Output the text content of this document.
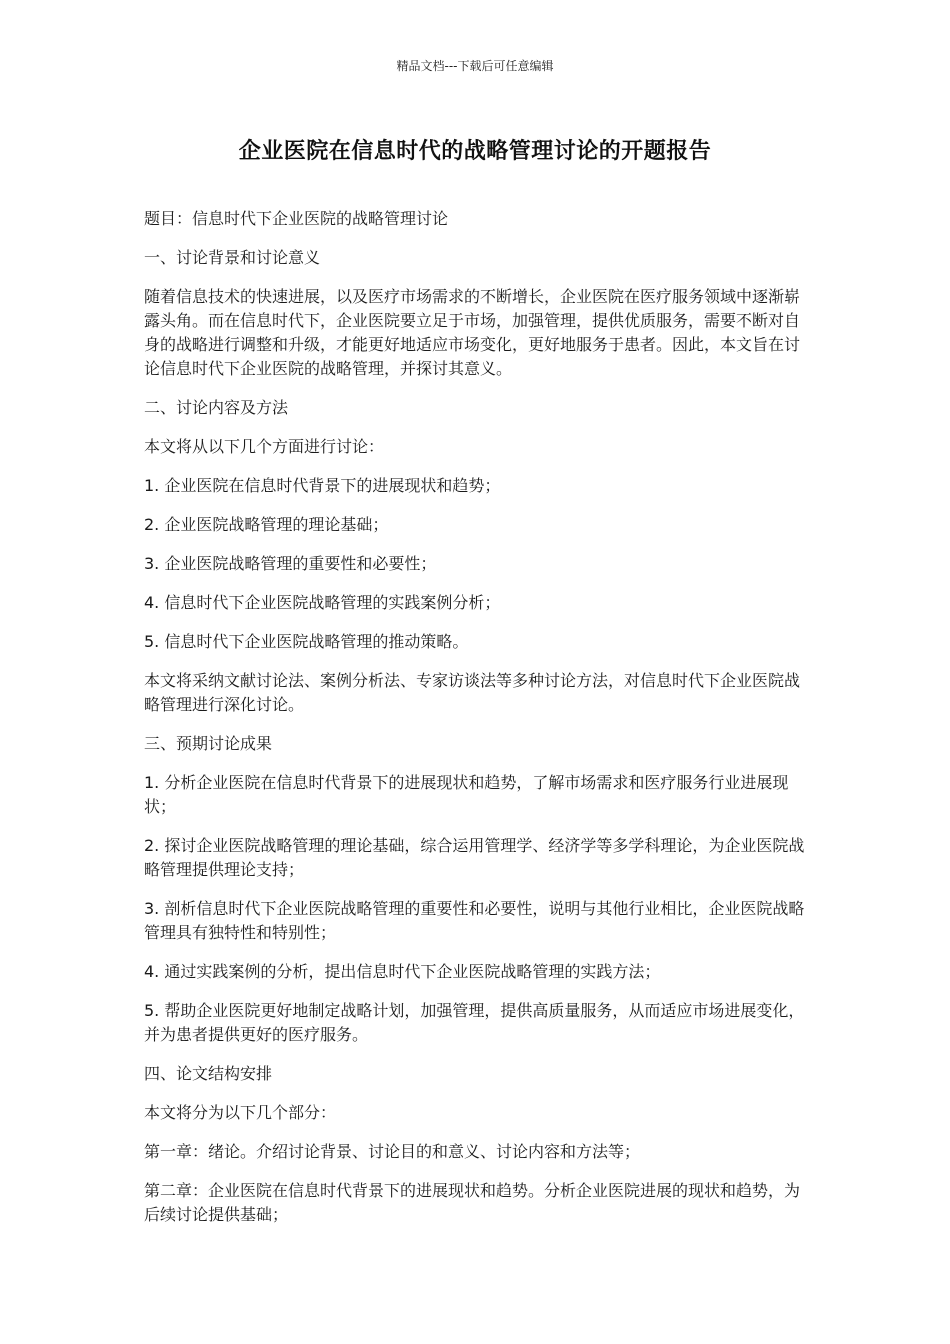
精品文档---下载后可任意编辑
企业医院在信息时代的战略管理讨论的开题报告

题目：信息时代下企业医院的战略管理讨论

一、讨论背景和讨论意义

随着信息技术的快速进展，以及医疗市场需求的不断增长，企业医院在医疗服务领域中逐渐崭露头角。而在信息时代下，企业医院要立足于市场，加强管理，提供优质服务，需要不断对自身的战略进行调整和升级，才能更好地适应市场变化，更好地服务于患者。因此，本文旨在讨论信息时代下企业医院的战略管理，并探讨其意义。

二、讨论内容及方法

本文将从以下几个方面进行讨论：

1. 企业医院在信息时代背景下的进展现状和趋势；

2. 企业医院战略管理的理论基础；

3. 企业医院战略管理的重要性和必要性；

4. 信息时代下企业医院战略管理的实践案例分析；

5. 信息时代下企业医院战略管理的推动策略。

本文将采纳文献讨论法、案例分析法、专家访谈法等多种讨论方法，对信息时代下企业医院战略管理进行深化讨论。

三、预期讨论成果

1. 分析企业医院在信息时代背景下的进展现状和趋势，了解市场需求和医疗服务行业进展现状；

2. 探讨企业医院战略管理的理论基础，综合运用管理学、经济学等多学科理论，为企业医院战略管理提供理论支持；

3. 剖析信息时代下企业医院战略管理的重要性和必要性，说明与其他行业相比，企业医院战略管理具有独特性和特别性；

4. 通过实践案例的分析，提出信息时代下企业医院战略管理的实践方法；

5. 帮助企业医院更好地制定战略计划，加强管理，提供高质量服务，从而适应市场进展变化，并为患者提供更好的医疗服务。

四、论文结构安排

本文将分为以下几个部分：

第一章：绪论。介绍讨论背景、讨论目的和意义、讨论内容和方法等；

第二章：企业医院在信息时代背景下的进展现状和趋势。分析企业医院进展的现状和趋势，为后续讨论提供基础；
